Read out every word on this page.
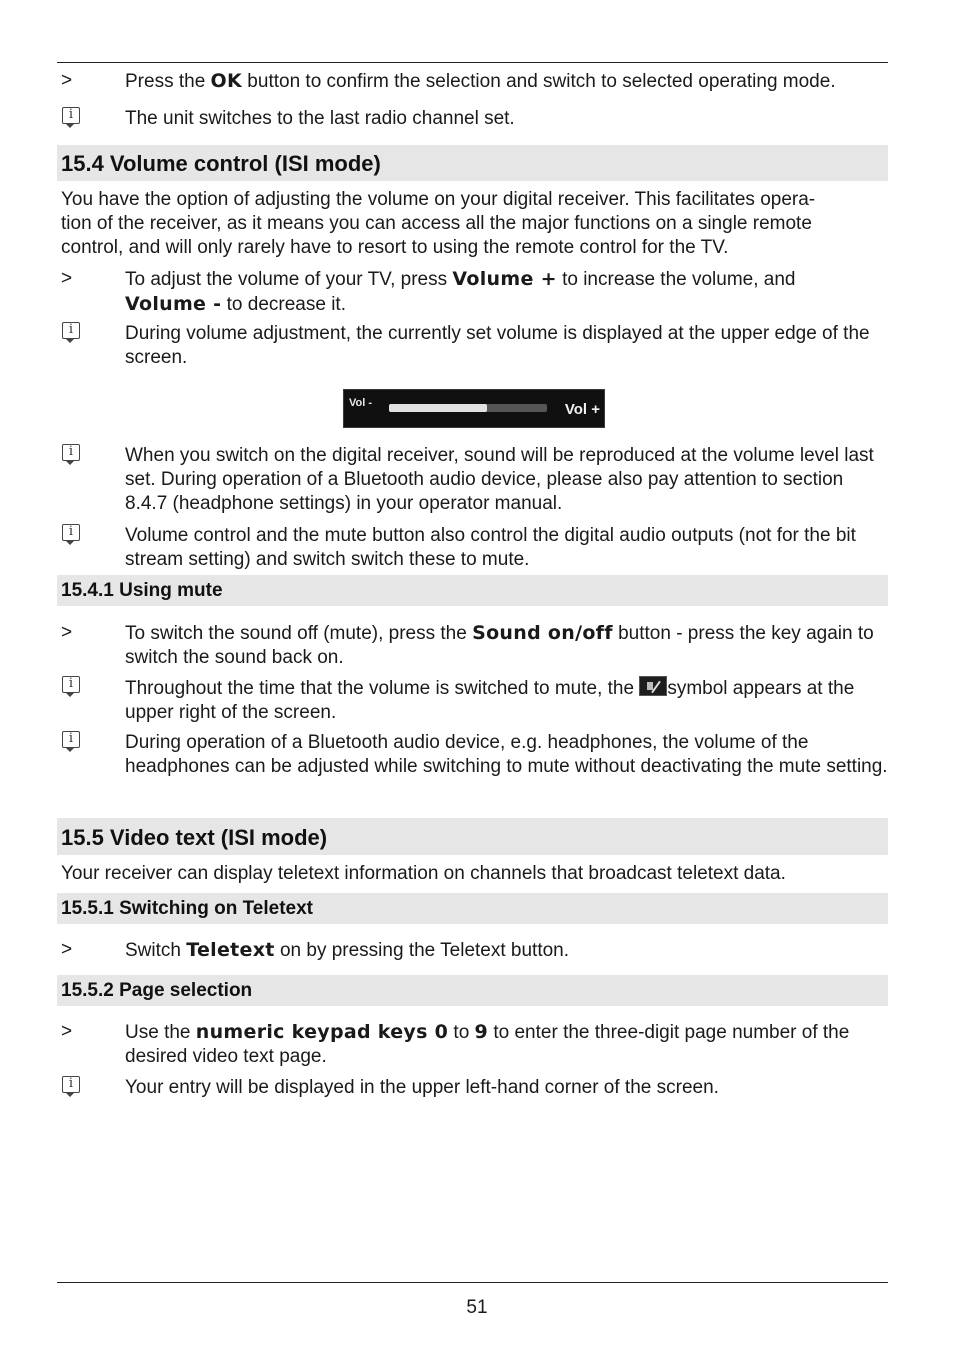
>	Press the OK button to confirm the selection and switch to selected operating mode.
i	The unit switches to the last radio channel set.
15.4 Volume control (ISI mode)
You have the option of adjusting the volume on your digital receiver. This facilitates opera-
tion of the receiver, as it means you can access all the major functions on a single remote
control, and will only rarely have to resort to using the remote control for the TV.
>	To adjust the volume of your TV, press Volume + to increase the volume, and
Volume - to decrease it.
i	During volume adjustment, the currently set volume is displayed at the upper edge of the screen.
Vol -	Vol +
i	When you switch on the digital receiver, sound will be reproduced at the volume level last set. During operation of a Bluetooth audio device, please also pay attention to section 8.4.7 (headphone settings) in your operator manual.
i	Volume control and the mute button also control the digital audio outputs (not for the bit stream setting) and switch switch these to mute.
15.4.1 Using mute
>	To switch the sound off (mute), press the Sound on/off button - press the key again to switch the sound back on.
i	Throughout the time that the volume is switched to mute, the symbol appears at the upper right of the screen.
i	During operation of a Bluetooth audio device, e.g. headphones, the volume of the headphones can be adjusted while switching to mute without deactivating the mute setting.
15.5 Video text (ISI mode)
Your receiver can display teletext information on channels that broadcast teletext data.
15.5.1 Switching on Teletext
>	Switch Teletext on by pressing the Teletext button.
15.5.2 Page selection
>	Use the numeric keypad keys 0 to 9 to enter the three-digit page number of the desired video text page.
i	Your entry will be displayed in the upper left-hand corner of the screen.
51
